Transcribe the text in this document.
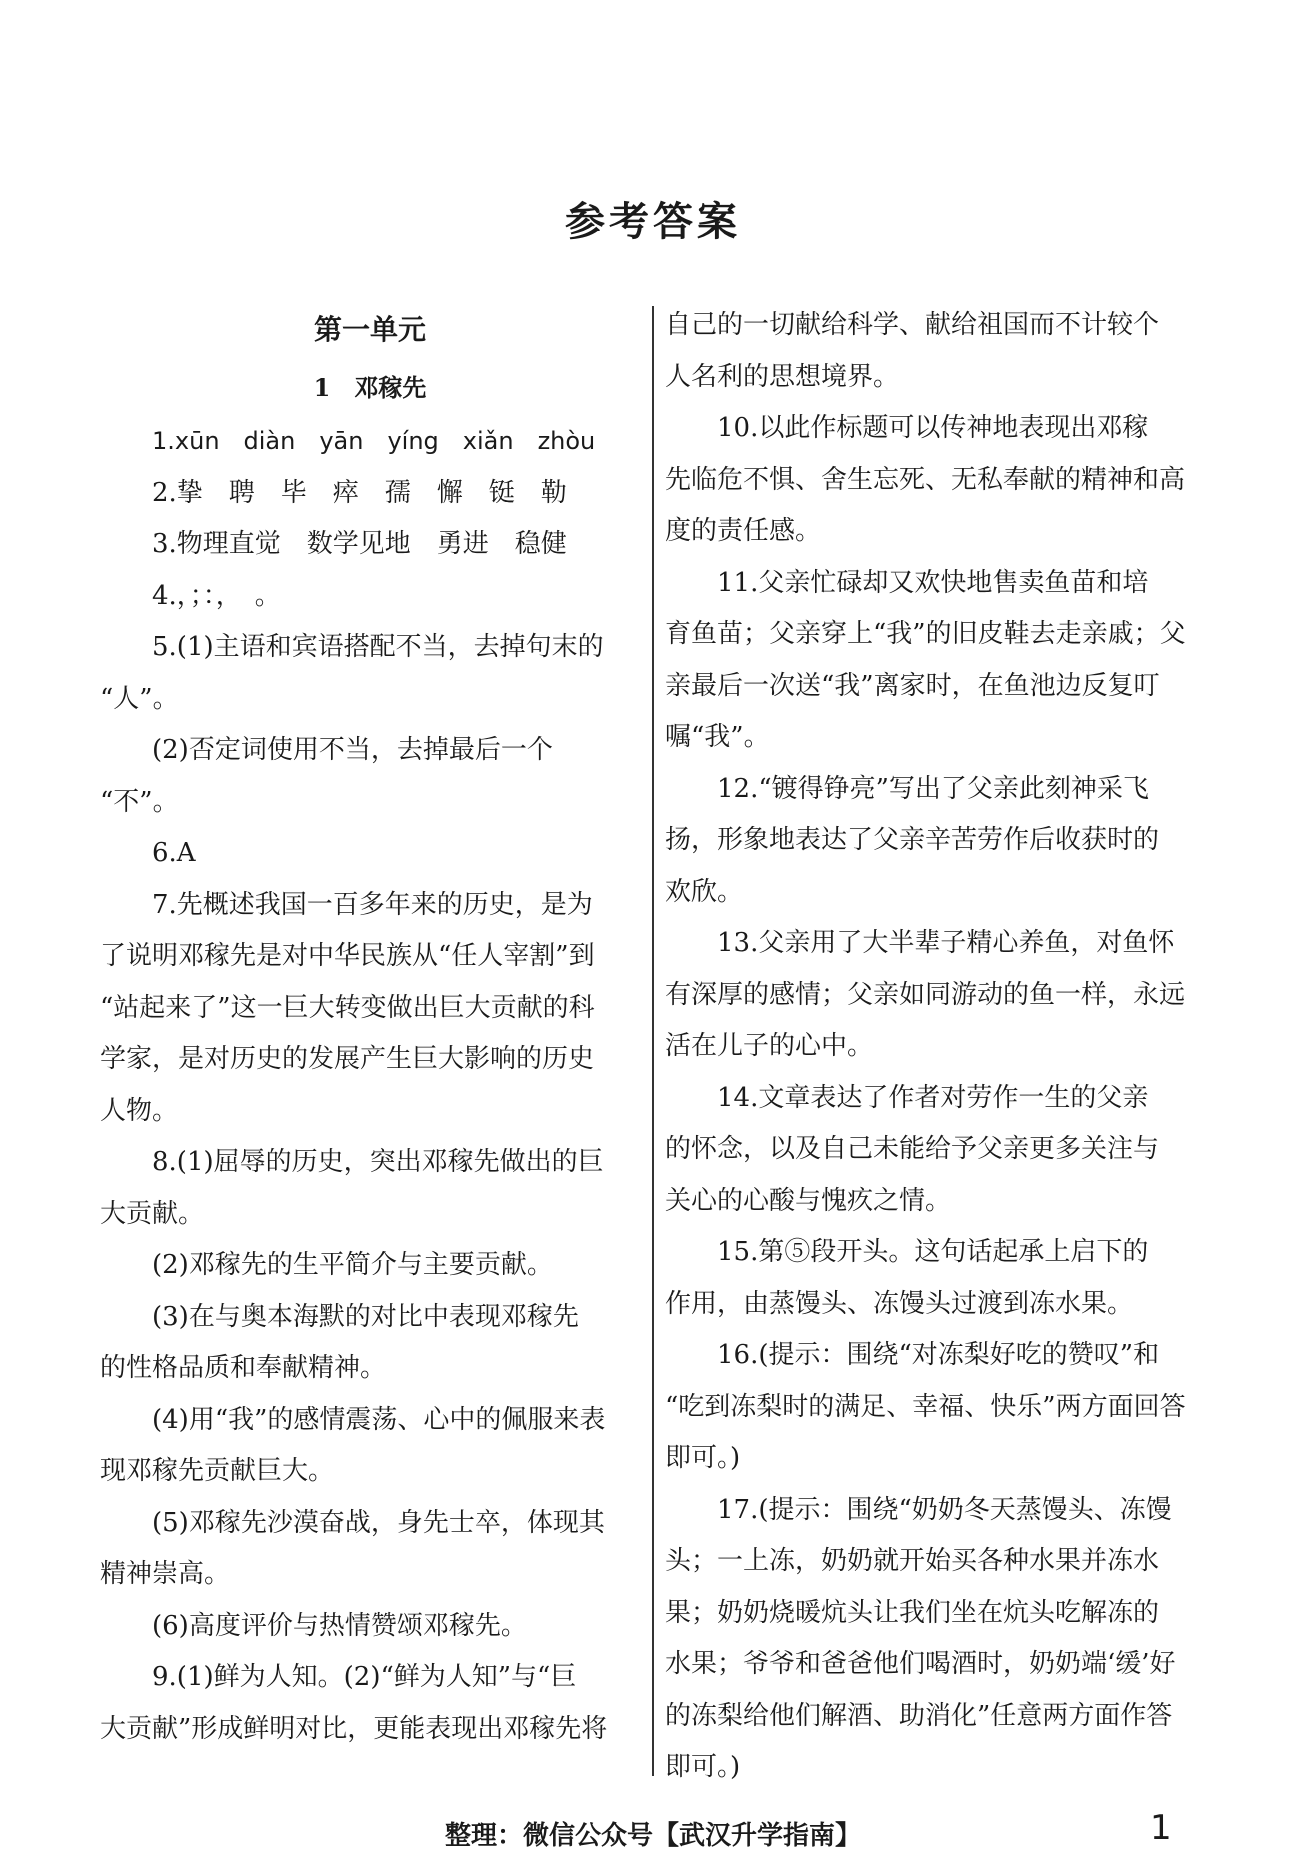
参考答案
第一单元
1　邓稼先

1.xūn　diàn　yān　yíng　xiǎn　zhòu

2.挚　聘　毕　瘁　孺　懈　铤　勒

3.物理直觉　数学见地　勇进　稳健

4.，；：，　。

5.(1)主语和宾语搭配不当，去掉句末的

“人”。

(2)否定词使用不当，去掉最后一个

“不”。

6.A

7.先概述我国一百多年来的历史，是为

了说明邓稼先是对中华民族从“任人宰割”到

“站起来了”这一巨大转变做出巨大贡献的科

学家，是对历史的发展产生巨大影响的历史

人物。

8.(1)屈辱的历史，突出邓稼先做出的巨

大贡献。

(2)邓稼先的生平简介与主要贡献。

(3)在与奥本海默的对比中表现邓稼先

的性格品质和奉献精神。

(4)用“我”的感情震荡、心中的佩服来表

现邓稼先贡献巨大。

(5)邓稼先沙漠奋战，身先士卒，体现其

精神崇高。

(6)高度评价与热情赞颂邓稼先。

9.(1)鲜为人知。(2)“鲜为人知”与“巨

大贡献”形成鲜明对比，更能表现出邓稼先将

自己的一切献给科学、献给祖国而不计较个

人名利的思想境界。

10.以此作标题可以传神地表现出邓稼

先临危不惧、舍生忘死、无私奉献的精神和高

度的责任感。

11.父亲忙碌却又欢快地售卖鱼苗和培

育鱼苗；父亲穿上“我”的旧皮鞋去走亲戚；父

亲最后一次送“我”离家时，在鱼池边反复叮

嘱“我”。

12.“镀得铮亮”写出了父亲此刻神采飞

扬，形象地表达了父亲辛苦劳作后收获时的

欢欣。

13.父亲用了大半辈子精心养鱼，对鱼怀

有深厚的感情；父亲如同游动的鱼一样，永远

活在儿子的心中。

14.文章表达了作者对劳作一生的父亲

的怀念，以及自己未能给予父亲更多关注与

关心的心酸与愧疚之情。

15.第⑤段开头。这句话起承上启下的

作用，由蒸馒头、冻馒头过渡到冻水果。

16.(提示：围绕“对冻梨好吃的赞叹”和

“吃到冻梨时的满足、幸福、快乐”两方面回答

即可。)

17.(提示：围绕“奶奶冬天蒸馒头、冻馒

头；一上冻，奶奶就开始买各种水果并冻水

果；奶奶烧暖炕头让我们坐在炕头吃解冻的

水果；爷爷和爸爸他们喝酒时，奶奶端‘缓’好

的冻梨给他们解酒、助消化”任意两方面作答

即可。)

整理：微信公众号【武汉升学指南】	1
